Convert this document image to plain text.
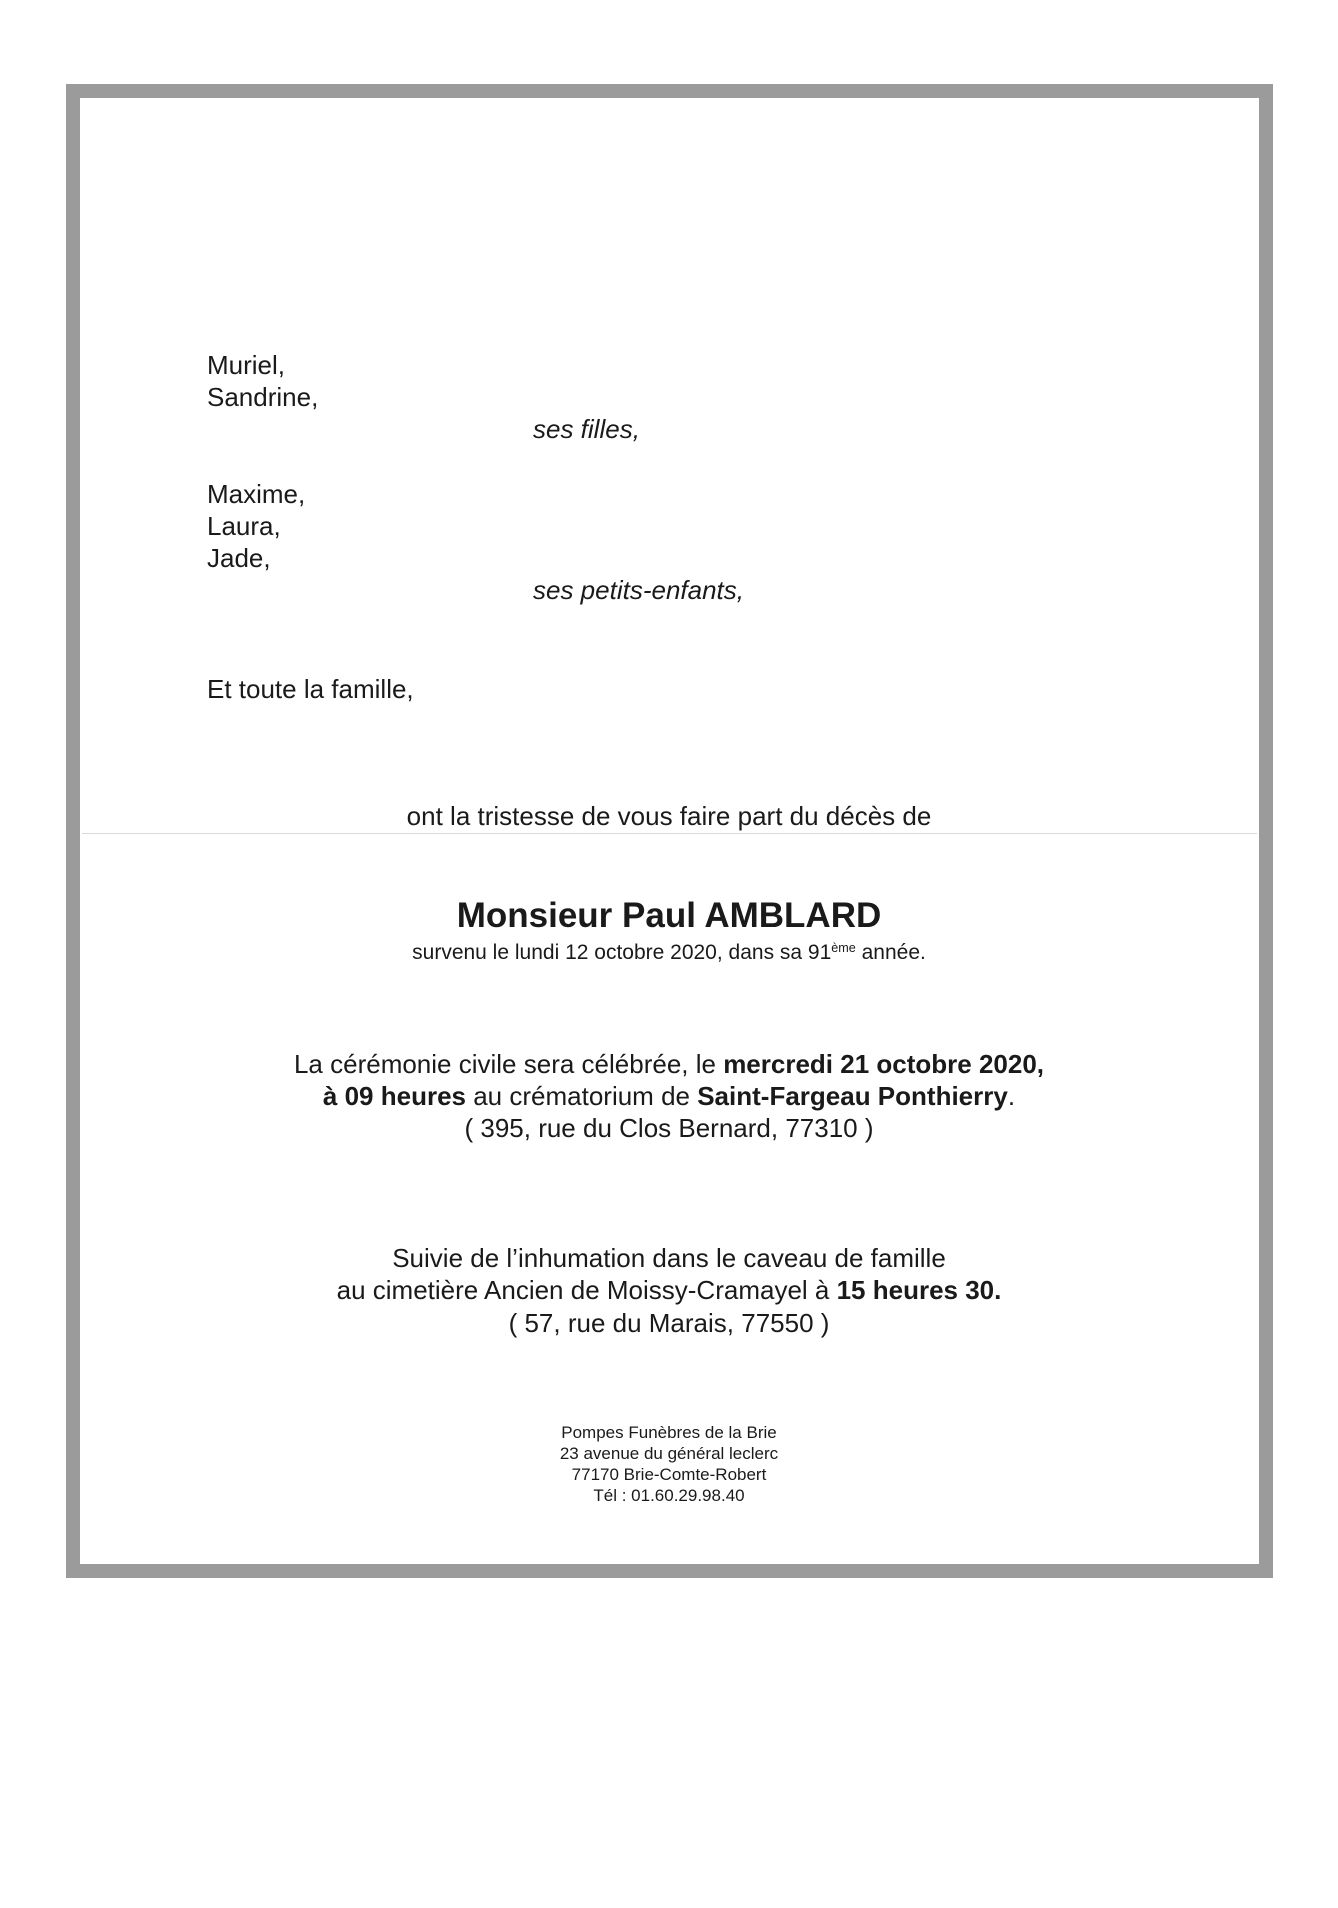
Muriel,
Sandrine,
ses filles,
Maxime,
Laura,
Jade,
ses petits-enfants,
Et toute la famille,
ont la tristesse de vous faire part du décès de
Monsieur Paul AMBLARD
survenu le lundi 12 octobre 2020, dans sa 91ème année.
La cérémonie civile sera célébrée, le mercredi 21 octobre 2020,
à 09 heures au crématorium de Saint-Fargeau Ponthierry.
( 395, rue du Clos Bernard, 77310 )
Suivie de l’inhumation dans le caveau de famille
au cimetière Ancien de Moissy-Cramayel à 15 heures 30.
( 57, rue du Marais, 77550 )
Pompes Funèbres de la Brie
23 avenue du général leclerc
77170 Brie-Comte-Robert
Tél : 01.60.29.98.40
